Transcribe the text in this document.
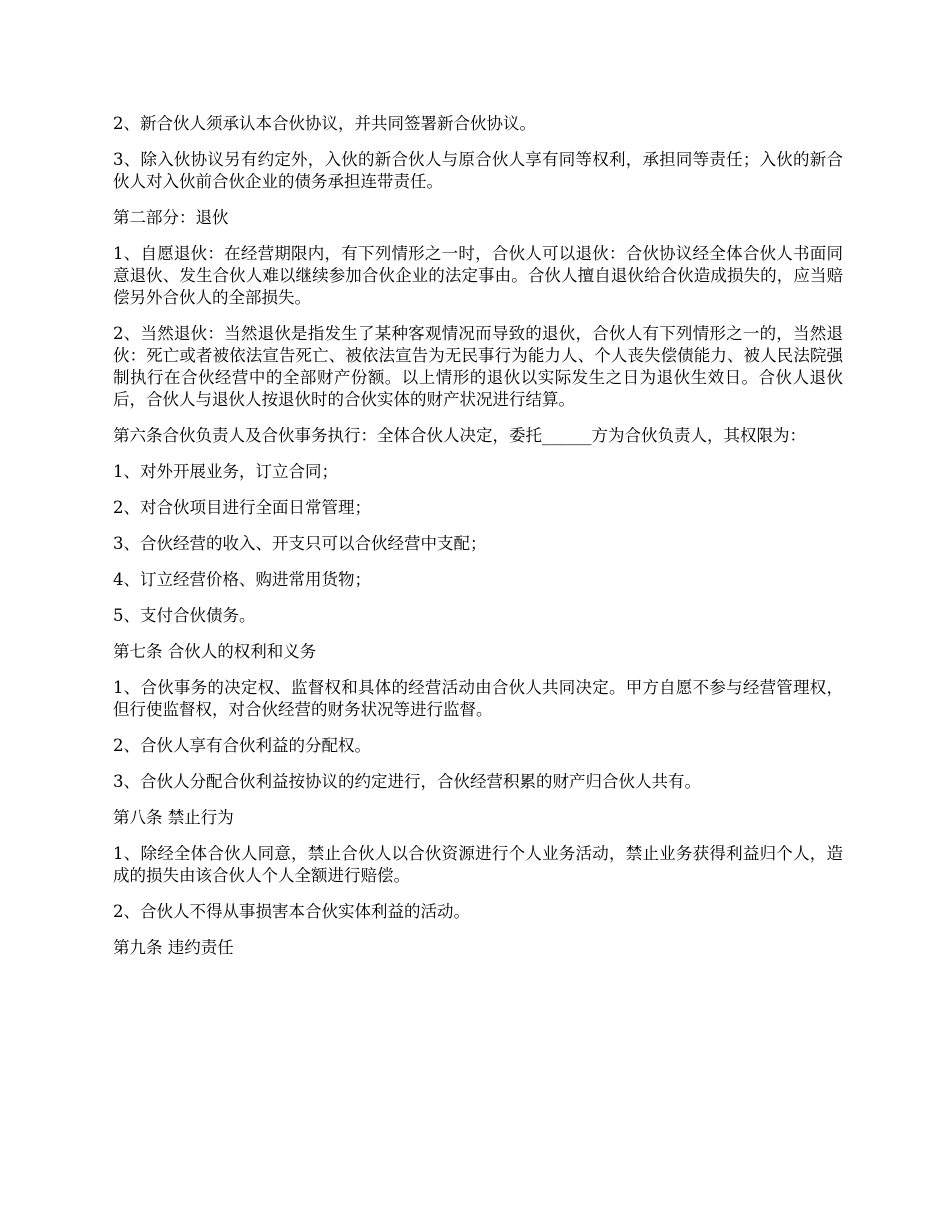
2、新合伙人须承认本合伙协议，并共同签署新合伙协议。

3、除入伙协议另有约定外，入伙的新合伙人与原合伙人享有同等权利，承担同等责任；入伙的新合伙人对入伙前合伙企业的债务承担连带责任。

第二部分：退伙

1、自愿退伙：在经营期限内，有下列情形之一时，合伙人可以退伙：合伙协议经全体合伙人书面同意退伙、发生合伙人难以继续参加合伙企业的法定事由。合伙人擅自退伙给合伙造成损失的，应当赔偿另外合伙人的全部损失。

2、当然退伙：当然退伙是指发生了某种客观情况而导致的退伙，合伙人有下列情形之一的，当然退伙：死亡或者被依法宣告死亡、被依法宣告为无民事行为能力人、个人丧失偿债能力、被人民法院强制执行在合伙经营中的全部财产份额。以上情形的退伙以实际发生之日为退伙生效日。合伙人退伙后，合伙人与退伙人按退伙时的合伙实体的财产状况进行结算。

第六条合伙负责人及合伙事务执行：全体合伙人决定，委托______方为合伙负责人，其权限为：

1、对外开展业务，订立合同；

2、对合伙项目进行全面日常管理；

3、合伙经营的收入、开支只可以合伙经营中支配；

4、订立经营价格、购进常用货物；

5、支付合伙债务。

第七条 合伙人的权利和义务

1、合伙事务的决定权、监督权和具体的经营活动由合伙人共同决定。甲方自愿不参与经营管理权，但行使监督权，对合伙经营的财务状况等进行监督。

2、合伙人享有合伙利益的分配权。

3、合伙人分配合伙利益按协议的约定进行，合伙经营积累的财产归合伙人共有。

第八条 禁止行为

1、除经全体合伙人同意，禁止合伙人以合伙资源进行个人业务活动，禁止业务获得利益归个人，造成的损失由该合伙人个人全额进行赔偿。

2、合伙人不得从事损害本合伙实体利益的活动。

第九条 违约责任
